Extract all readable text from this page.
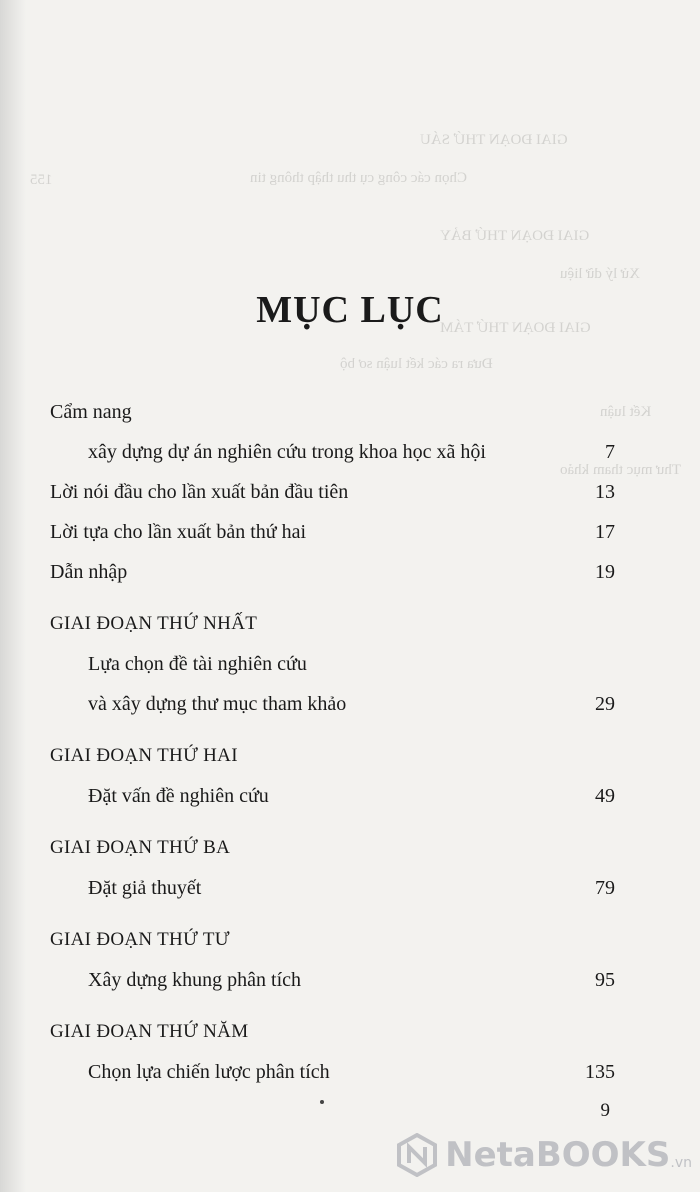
GIAI ĐOẠN THỨ SÁU
Chọn các công cụ thu thập thông tin
155
GIAI ĐOẠN THỨ BẢY
Xử lý dữ liệu
GIAI ĐOẠN THỨ TÁM
Đưa ra các kết luận sơ bộ
Kết luận
Thư mục tham khảo
MỤC LỤC
Cẩm nang
xây dựng dự án nghiên cứu trong khoa học xã hội	7
Lời nói đầu cho lần xuất bản đầu tiên	13
Lời tựa cho lần xuất bản thứ hai	17
Dẫn nhập	19
GIAI ĐOẠN THỨ NHẤT
Lựa chọn đề tài nghiên cứu
và xây dựng thư mục tham khảo	29
GIAI ĐOẠN THỨ HAI
Đặt vấn đề nghiên cứu	49
GIAI ĐOẠN THỨ BA
Đặt giả thuyết	79
GIAI ĐOẠN THỨ TƯ
Xây dựng khung phân tích	95
GIAI ĐOẠN THỨ NĂM
Chọn lựa chiến lược phân tích	135
9
NetaBOOKS .vn
